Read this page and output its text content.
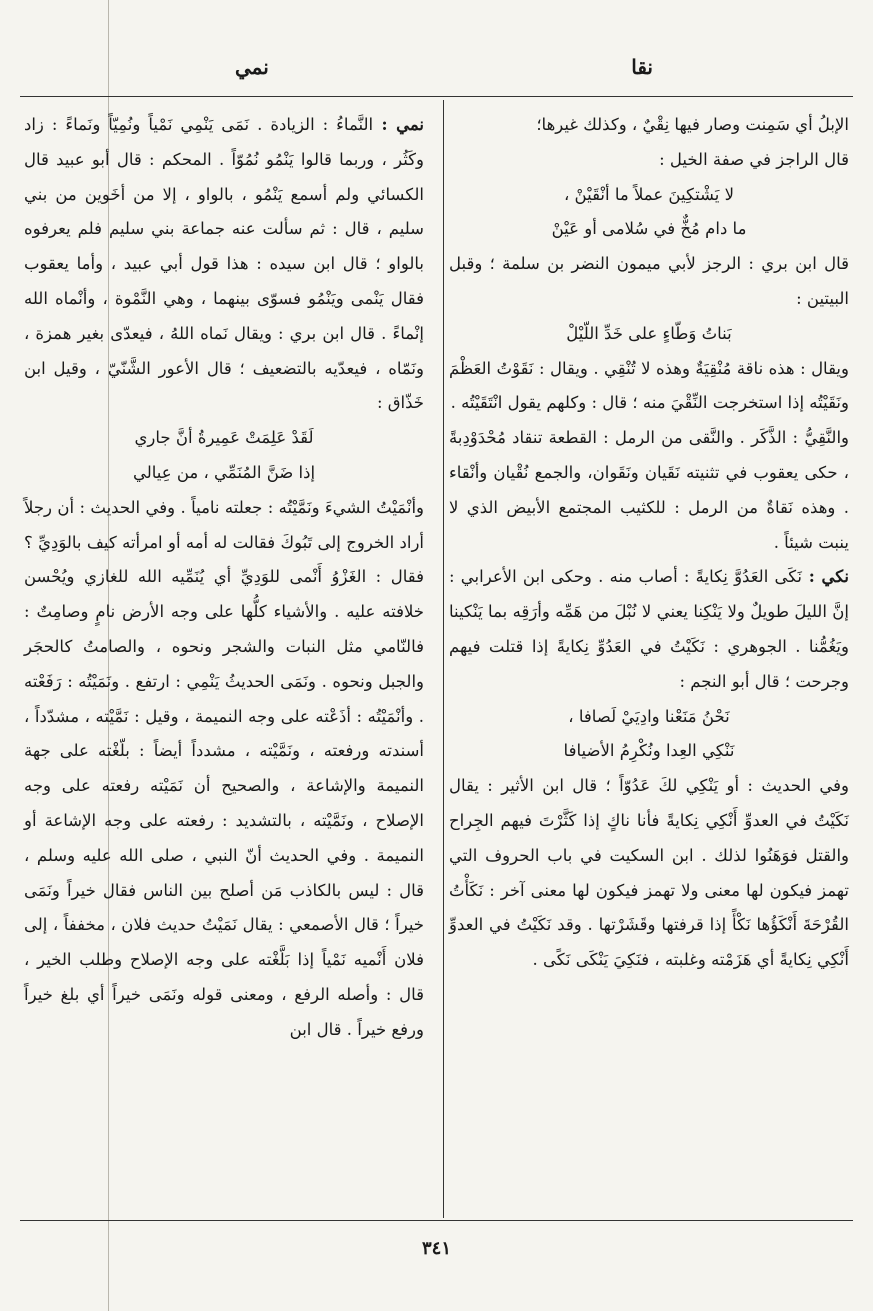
نقا
نمي

الإبلُ أي سَمِنت وصار فيها نِقْيٌ ، وكذلك غيرها؛

قال الراجز في صفة الخيل :

لا يَشْتكِينَ عملاً ما أنْقَيْنْ ،

ما دام مُخٌّ في سُلامى أو عَيْنْ

قال ابن بري : الرجز لأبي ميمون النضر بن سلمة ؛ وقبل البيتين :

بَناتُ وَطّاءٍ على خَدِّ اللّيْلْ

ويقال : هذه ناقة مُنْقِيَةٌ وهذه لا تُنْقِي . ويقال : نَقَوْتُ العَظْمَ ونَقَيْتُه إذا استخرجت النِّقْيَ منه ؛ قال : وكلهم يقول انْتَقَيْتُه .

والنَّقِيُّ : الذَّكَر . والنَّقى من الرمل : القطعة تنقاد مُحْدَوْدِبةً ، حكى يعقوب في تثنيته نَقَيان ونَقَوان، والجمع نُقْيان وأنْقاء . وهذه نَقاةٌ من الرمل : للكثيب المجتمع الأبيض الذي لا ينبت شيئاً .

نكي : نَكَى العَدُوَّ نِكايةً : أصاب منه . وحكى ابن الأعرابي : إنَّ الليلَ طويلٌ ولا يَنْكِنا يعني لا نُبْلَ من هَمِّه وأرَقِه بما يَنْكينا ويَغُمُّنا . الجوهري : نَكَيْتُ في العَدُوِّ نِكايةً إذا قتلت فيهم وجرحت ؛ قال أبو النجم :

نَحْنُ مَنَعْنا وادِيَيْ لَصافا ،

نَنْكِي العِدا ونُكْرِمُ الأضيافا

وفي الحديث : أو يَنْكِي لكَ عَدُوّاً ؛ قال ابن الأثير : يقال نَكَيْتُ في العدوِّ أَنْكِي نِكايةً فأنا ناكٍ إذا كَثَّرْتَ فيهم الجِراح والقتل فوَهَنُوا لذلك . ابن السكيت في باب الحروف التي تهمز فيكون لها معنى ولا تهمز فيكون لها معنى آخر : نَكَأْتُ القُرْحَةَ أَنْكَؤُها نَكْأً إذا قرفتها وقَشَرْتها . وقد نَكَيْتُ في العدوِّ أَنْكِي نِكايةً أي هَزَمْته وغلبته ، فنَكِيَ يَنْكَى نَكًى .

نمي : النَّماءُ : الزيادة . نَمَى يَنْمِي نَمْياً ونُمِيّاً ونَماءً : زاد وكَثُر ، وربما قالوا يَنْمُو نُمُوّاً . المحكم : قال أبو عبيد قال الكسائي ولم أسمع يَنْمُو ، بالواو ، إلا من أخَوين من بني سليم ، قال : ثم سألت عنه جماعة بني سليم فلم يعرفوه بالواو ؛ قال ابن سيده : هذا قول أبي عبيد ، وأما يعقوب فقال يَنْمى ويَنْمُو فسوّى بينهما ، وهي النَّمْوة ، وأنْماه الله إنْماءً . قال ابن بري : ويقال نَماه اللهُ ، فيعدّى بغير همزة ، ونَمّاه ، فيعدّيه بالتضعيف ؛ قال الأعور الشَّنّيّ ، وقيل ابن خَذّاق :

لَقَدْ عَلِمَتْ عَمِيرةُ أنَّ جاري

إذا ضَنَّ المُنَمِّي ، من عِيالي

وأنْمَيْتُ الشيءَ ونَمَّيْتُه : جعلته نامياً . وفي الحديث : أن رجلاً أراد الخروج إلى تَبُوكَ فقالت له أمه أو امرأته كيف بالوَدِيِّ ؟ فقال : الغَزْوُ أَنْمى للوَدِيِّ أي يُنَمِّيه الله للغازي ويُحْسن خلافته عليه . والأشياء كلُّها على وجه الأرض نامٍ وصامِتٌ : فالنّامي مثل النبات والشجر ونحوه ، والصامتُ كالحجَر والجبل ونحوه . ونَمَى الحديثُ يَنْمِي : ارتفع . ونَمَيْتُه : رَفَعْته . وأنْمَيْتُه : أذَعْته على وجه النميمة ، وقيل : نَمَّيْته ، مشدّداً ، أسندته ورفعته ، ونَمَّيْته ، مشدداً أيضاً : بلّغْته على جهة النميمة والإشاعة ، والصحيح أن نَمَيْته رفعته على وجه الإصلاح ، ونَمَّيْته ، بالتشديد : رفعته على وجه الإشاعة أو النميمة . وفي الحديث أنّ النبي ، صلى الله عليه وسلم ، قال : ليس بالكاذب مَن أصلح بين الناس فقال خيراً ونَمَى خيراً ؛ قال الأصمعي : يقال نَمَيْتُ حديث فلان ، مخففاً ، إلى فلان أَنْميه نَمْياً إذا بَلَّغْته على وجه الإصلاح وطلب الخير ، قال : وأصله الرفع ، ومعنى قوله ونَمَى خيراً أي بلغ خيراً ورفع خيراً . قال ابن

٣٤١
